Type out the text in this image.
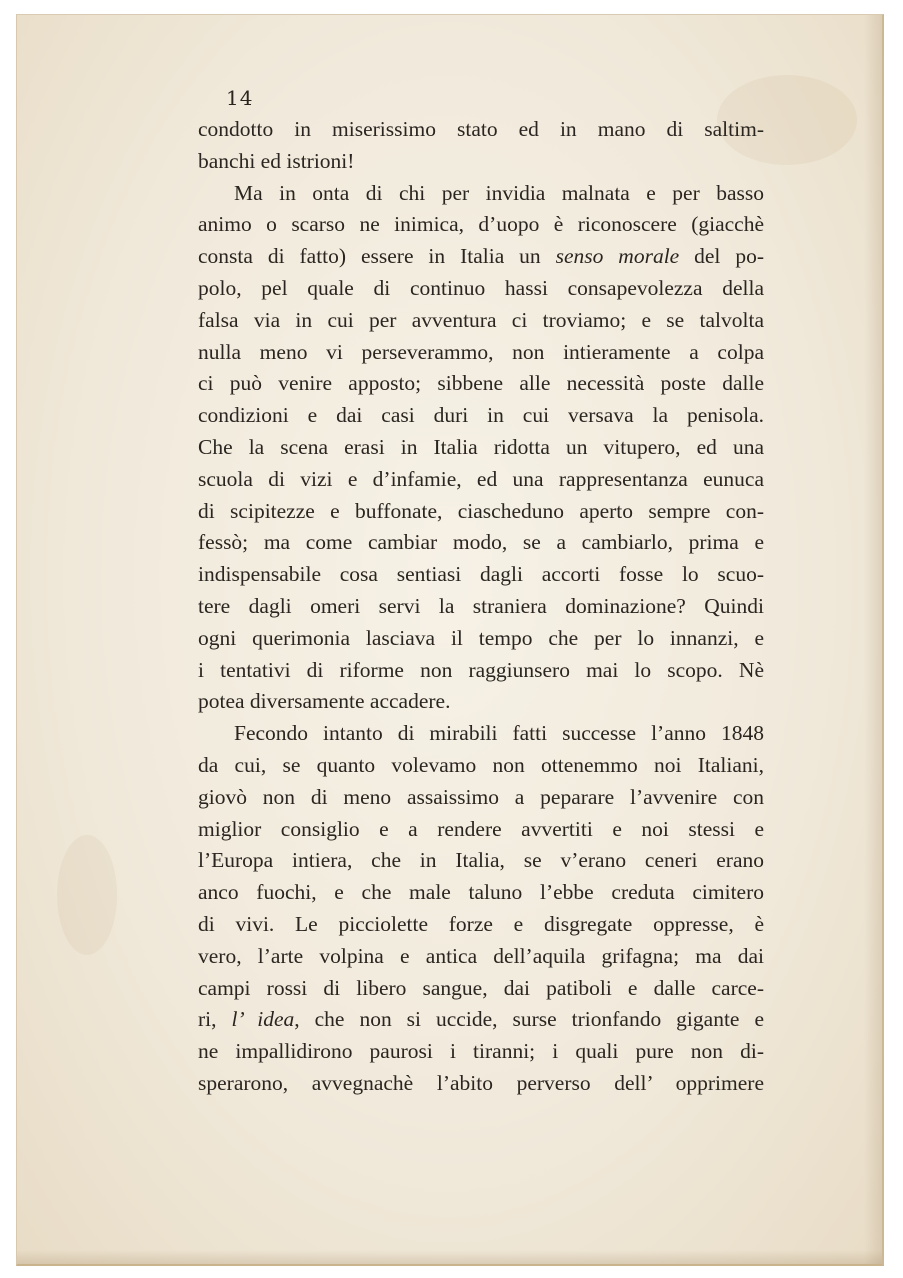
14
condotto in miserissimo stato ed in mano di saltim-
banchi ed istrioni!
Ma in onta di chi per invidia malnata e per basso
animo o scarso ne inimica, d’uopo è riconoscere (giacchè
consta di fatto) essere in Italia un senso morale del po-
polo, pel quale di continuo hassi consapevolezza della
falsa via in cui per avventura ci troviamo; e se talvolta
nulla meno vi perseverammo, non intieramente a colpa
ci può venire apposto; sibbene alle necessità poste dalle
condizioni e dai casi duri in cui versava la penisola.
Che la scena erasi in Italia ridotta un vitupero, ed una
scuola di vizi e d’infamie, ed una rappresentanza eunuca
di scipitezze e buffonate, ciascheduno aperto sempre con-
fessò; ma come cambiar modo, se a cambiarlo, prima e
indispensabile cosa sentiasi dagli accorti fosse lo scuo-
tere dagli omeri servi la straniera dominazione? Quindi
ogni querimonia lasciava il tempo che per lo innanzi, e
i tentativi di riforme non raggiunsero mai lo scopo. Nè
potea diversamente accadere.
Fecondo intanto di mirabili fatti successe l’anno 1848
da cui, se quanto volevamo non ottenemmo noi Italiani,
giovò non di meno assaissimo a peparare l’avvenire con
miglior consiglio e a rendere avvertiti e noi stessi e
l’Europa intiera, che in Italia, se v’erano ceneri erano
anco fuochi, e che male taluno l’ebbe creduta cimitero
di vivi. Le picciolette forze e disgregate oppresse, è
vero, l’arte volpina e antica dell’aquila grifagna; ma dai
campi rossi di libero sangue, dai patiboli e dalle carce-
ri, l’ idea, che non si uccide, surse trionfando gigante e
ne impallidirono paurosi i tiranni; i quali pure non di-
sperarono, avvegnachè l’abito perverso dell’ opprimere
